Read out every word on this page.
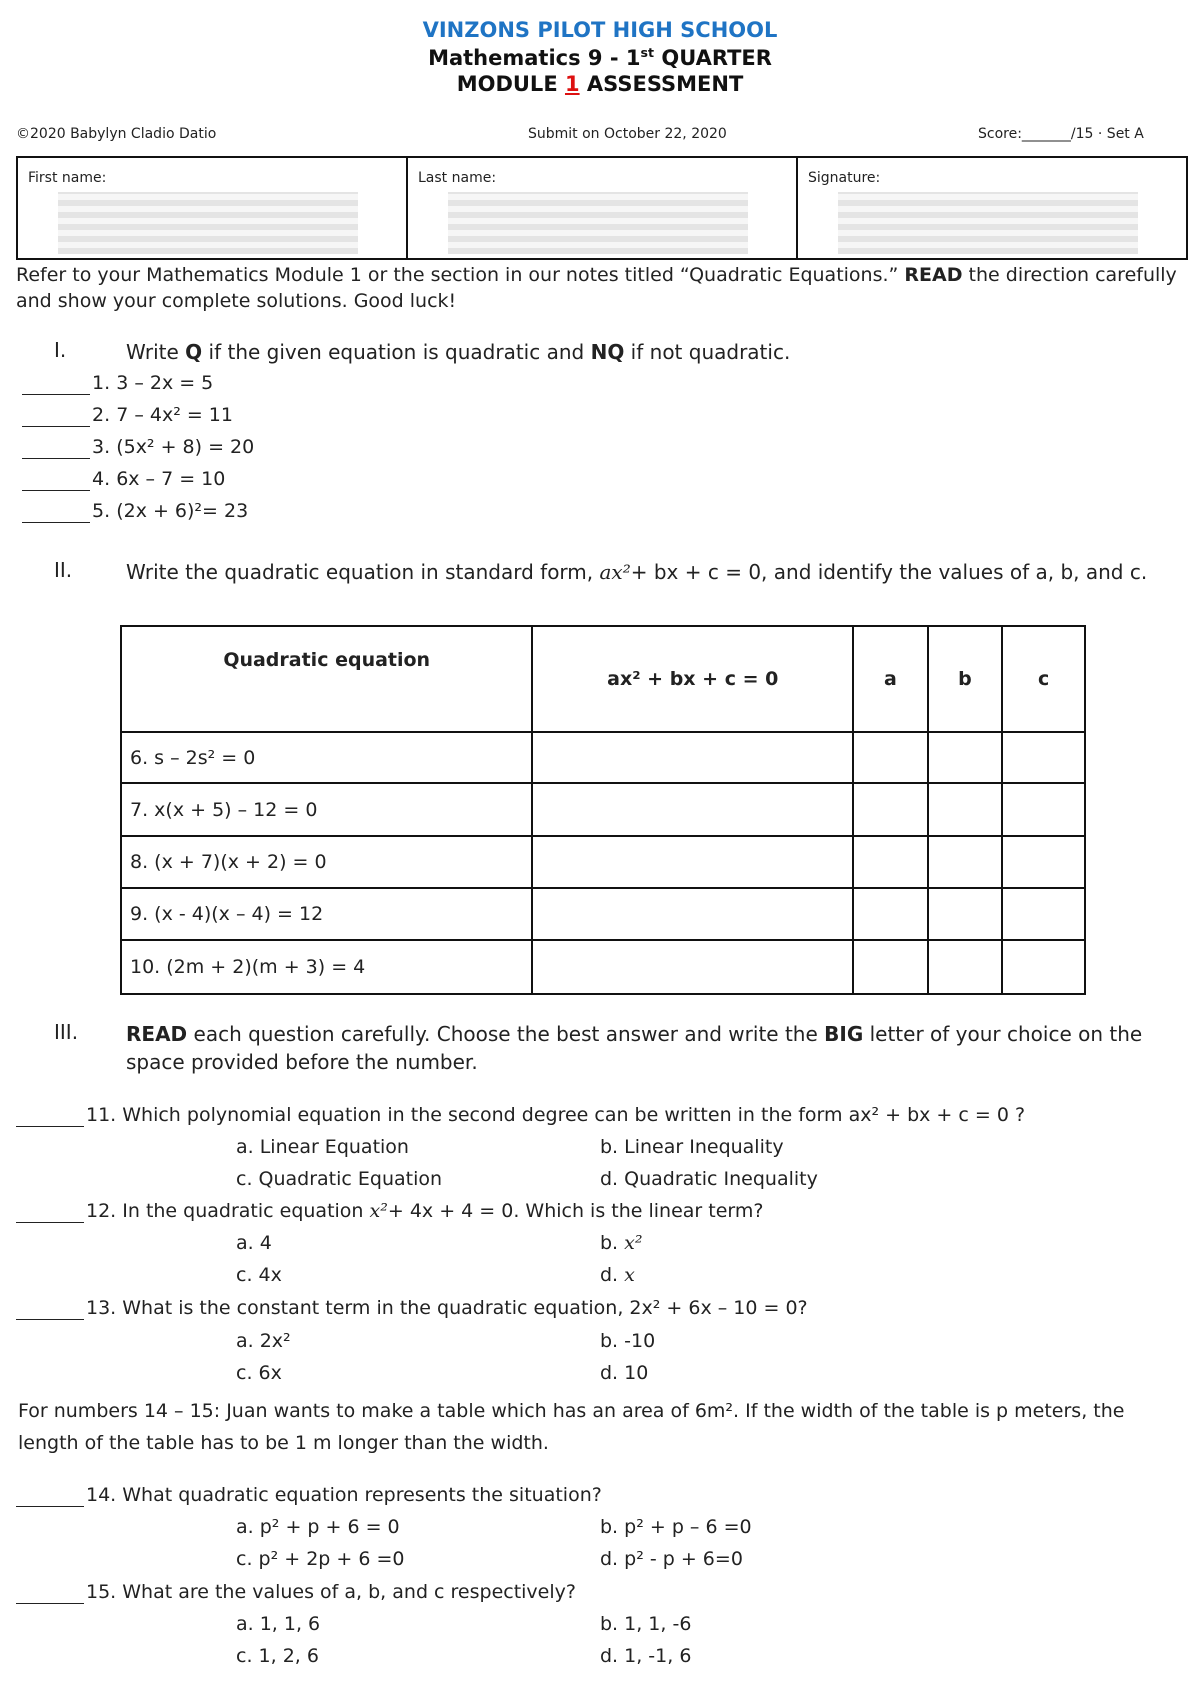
VINZONS PILOT HIGH SCHOOL
Mathematics 9 - 1st QUARTER
MODULE 1 ASSESSMENT
©2020 Babylyn Cladio Datio	Submit on October 22, 2020	Score:_______/15 · Set A
First name:	Last name:	Signature:
Refer to your Mathematics Module 1 or the section in our notes titled “Quadratic Equations.” READ the direction carefully and show your complete solutions. Good luck!
I.	Write Q if the given equation is quadratic and NQ if not quadratic.
1. 3 – 2x = 5
2. 7 – 4x² = 11
3. (5x² + 8) = 20
4. 6x – 7 = 10
5. (2x + 6)²= 23
II.	Write the quadratic equation in standard form, ax²+ bx + c = 0, and identify the values of a, b, and c.
Quadratic equation	ax² + bx + c = 0	a	b	c
6. s – 2s² = 0				
7. x(x + 5) – 12 = 0				
8. (x + 7)(x + 2) = 0				
9. (x - 4)(x – 4) = 12				
10. (2m + 2)(m + 3) = 4				
III. READ each question carefully. Choose the best answer and write the BIG letter of your choice on the space provided before the number.
11. Which polynomial equation in the second degree can be written in the form ax² + bx + c = 0 ?
a. Linear Equation	b. Linear Inequality
c. Quadratic Equation	d. Quadratic Inequality
12. In the quadratic equation x²+ 4x + 4 = 0. Which is the linear term?
a. 4	b. x²
c. 4x	d. x
13. What is the constant term in the quadratic equation, 2x² + 6x – 10 = 0?
a. 2x²	b. -10
c. 6x	d. 10
For numbers 14 – 15: Juan wants to make a table which has an area of 6m². If the width of the table is p meters, the length of the table has to be 1 m longer than the width.
14. What quadratic equation represents the situation?
a. p² + p + 6 = 0	b. p² + p – 6 =0
c. p² + 2p + 6 =0	d. p² - p + 6=0
15. What are the values of a, b, and c respectively?
a. 1, 1, 6	b. 1, 1, -6
c. 1, 2, 6	d. 1, -1, 6
